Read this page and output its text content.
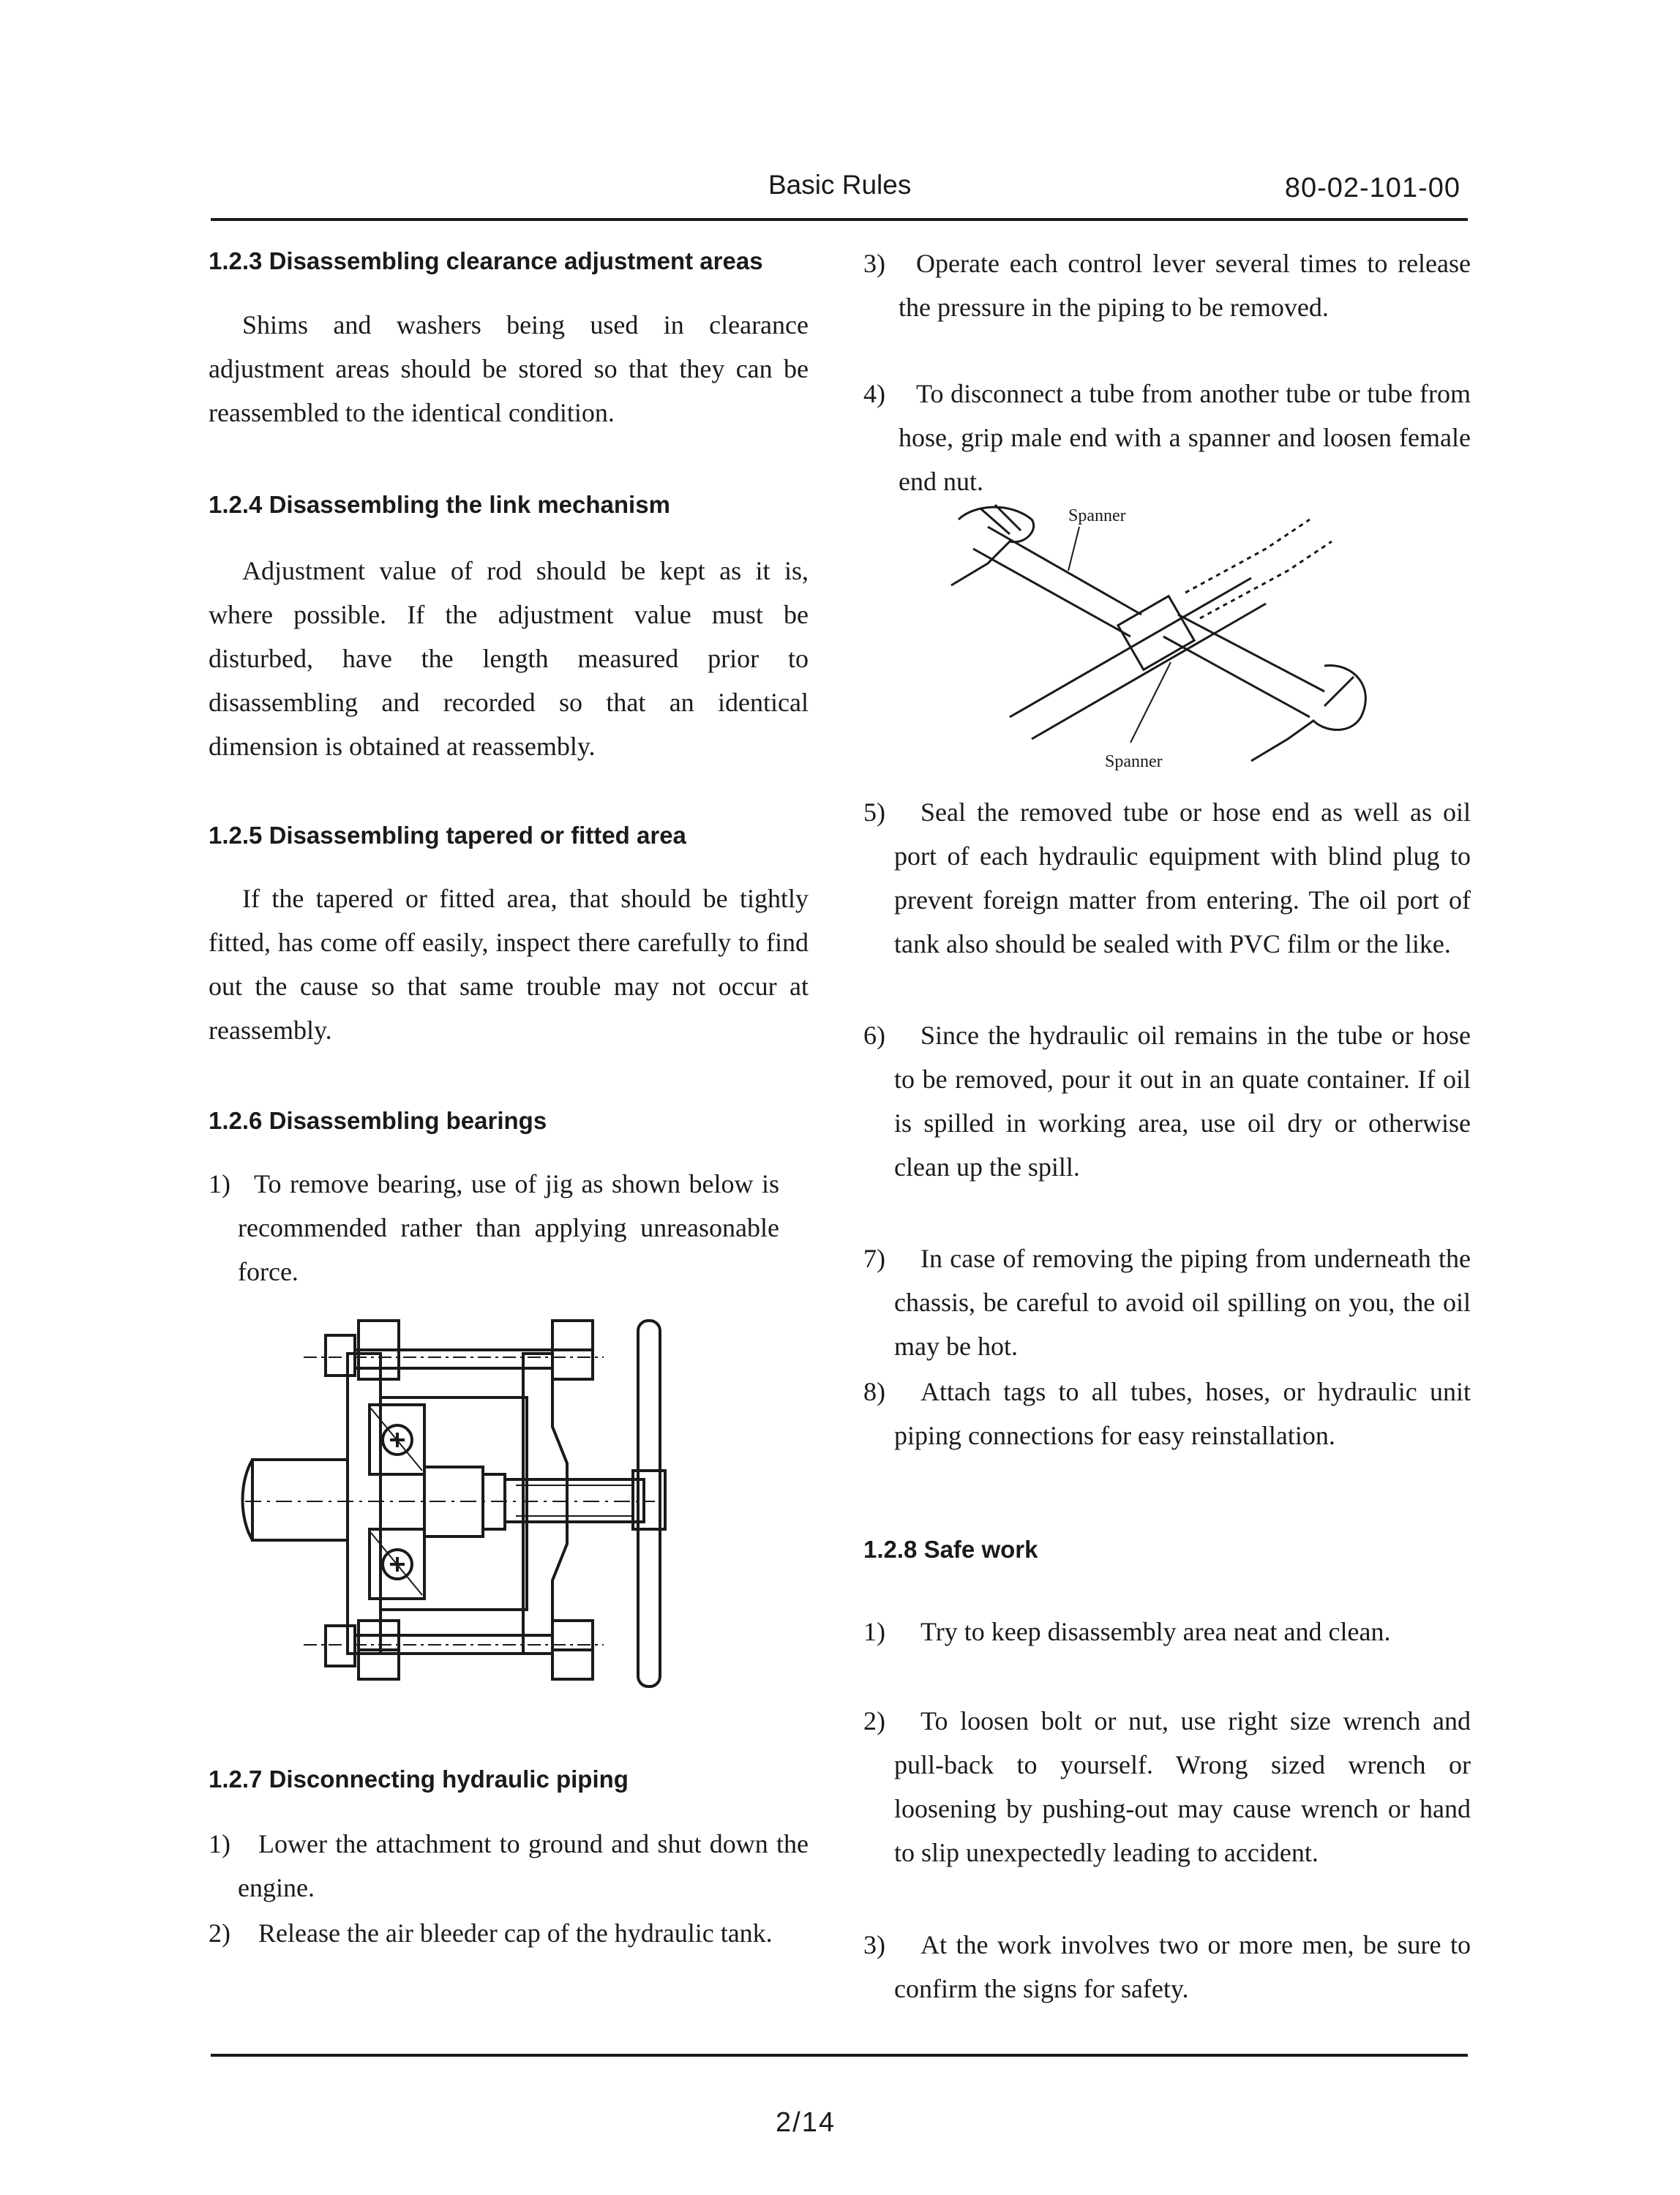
Basic Rules	80-02-101-00
1.2.3 Disassembling clearance adjustment areas
Shims and washers being used in clearance adjustment areas should be stored so that they can be reassembled to the identical condition.
1.2.4 Disassembling the link mechanism
Adjustment value of rod should be kept as it is, where possible. If the adjustment value must be disturbed, have the length measured prior to disassembling and recorded so that an identical dimension is obtained at reassembly.
1.2.5 Disassembling tapered or fitted area
If the tapered or fitted area, that should be tightly fitted, has come off easily, inspect there carefully to find out the cause so that same trouble may not occur at reassembly.
1.2.6 Disassembling bearings
1) To remove bearing, use of jig as shown below is recommended rather than applying unreasonable force.
1.2.7 Disconnecting hydraulic piping
1)	Lower the attachment to ground and shut down the engine.
2)	Release the air bleeder cap of the hydraulic tank.
3)	Operate each control lever several times to release the pressure in the piping to be removed.
4)	To disconnect a tube from another tube or tube from hose, grip male end with a spanner and loosen female end nut.
Spanner
Spanner
5)	Seal the removed tube or hose end as well as oil port of each hydraulic equipment with blind plug to prevent foreign matter from entering. The oil port of tank also should be sealed with PVC film or the like.
6)	Since the hydraulic oil remains in the tube or hose to be removed, pour it out in an quate container. If oil is spilled in working area, use oil dry or otherwise clean up the spill.
7)	In case of removing the piping from underneath the chassis, be careful to avoid oil spilling on you, the oil may be hot.
8)	Attach tags to all tubes, hoses, or hydraulic unit piping connections for easy reinstallation.
1.2.8 Safe work
1)	Try to keep disassembly area neat and clean.
2)	To loosen bolt or nut, use right size wrench and pull-back to yourself. Wrong sized wrench or loosening by pushing-out may cause wrench or hand to slip unexpectedly leading to accident.
3)	At the work involves two or more men, be sure to confirm the signs for safety.
2/14
